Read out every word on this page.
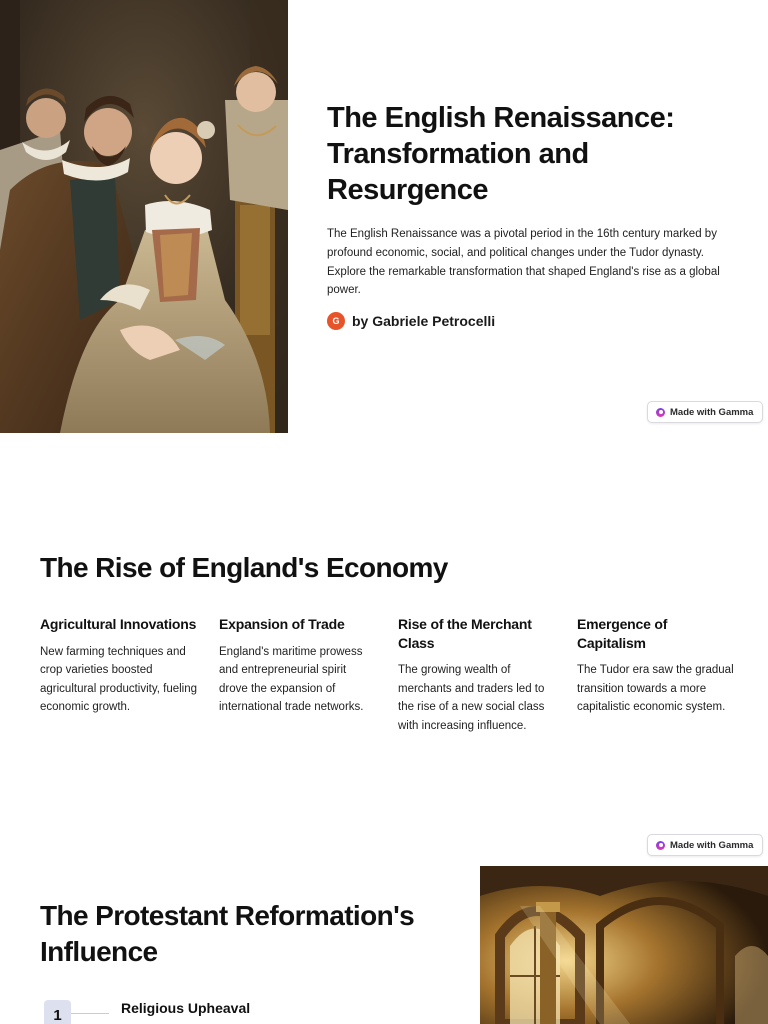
The English Renaissance: Transformation and Resurgence

The English Renaissance was a pivotal period in the 16th century marked by profound economic, social, and political changes under the Tudor dynasty. Explore the remarkable transformation that shaped England's rise as a global power.

G by Gabriele Petrocelli
Made with Gamma
The Rise of England's Economy
Agricultural Innovations

New farming techniques and crop varieties boosted agricultural productivity, fueling economic growth.

Expansion of Trade

England's maritime prowess and entrepreneurial spirit drove the expansion of international trade networks.

Rise of the Merchant Class

The growing wealth of merchants and traders led to the rise of a new social class with increasing influence.

Emergence of Capitalism

The Tudor era saw the gradual transition towards a more capitalistic economic system.

Made with Gamma
The Protestant Reformation's Influence
1	Religious Upheaval
